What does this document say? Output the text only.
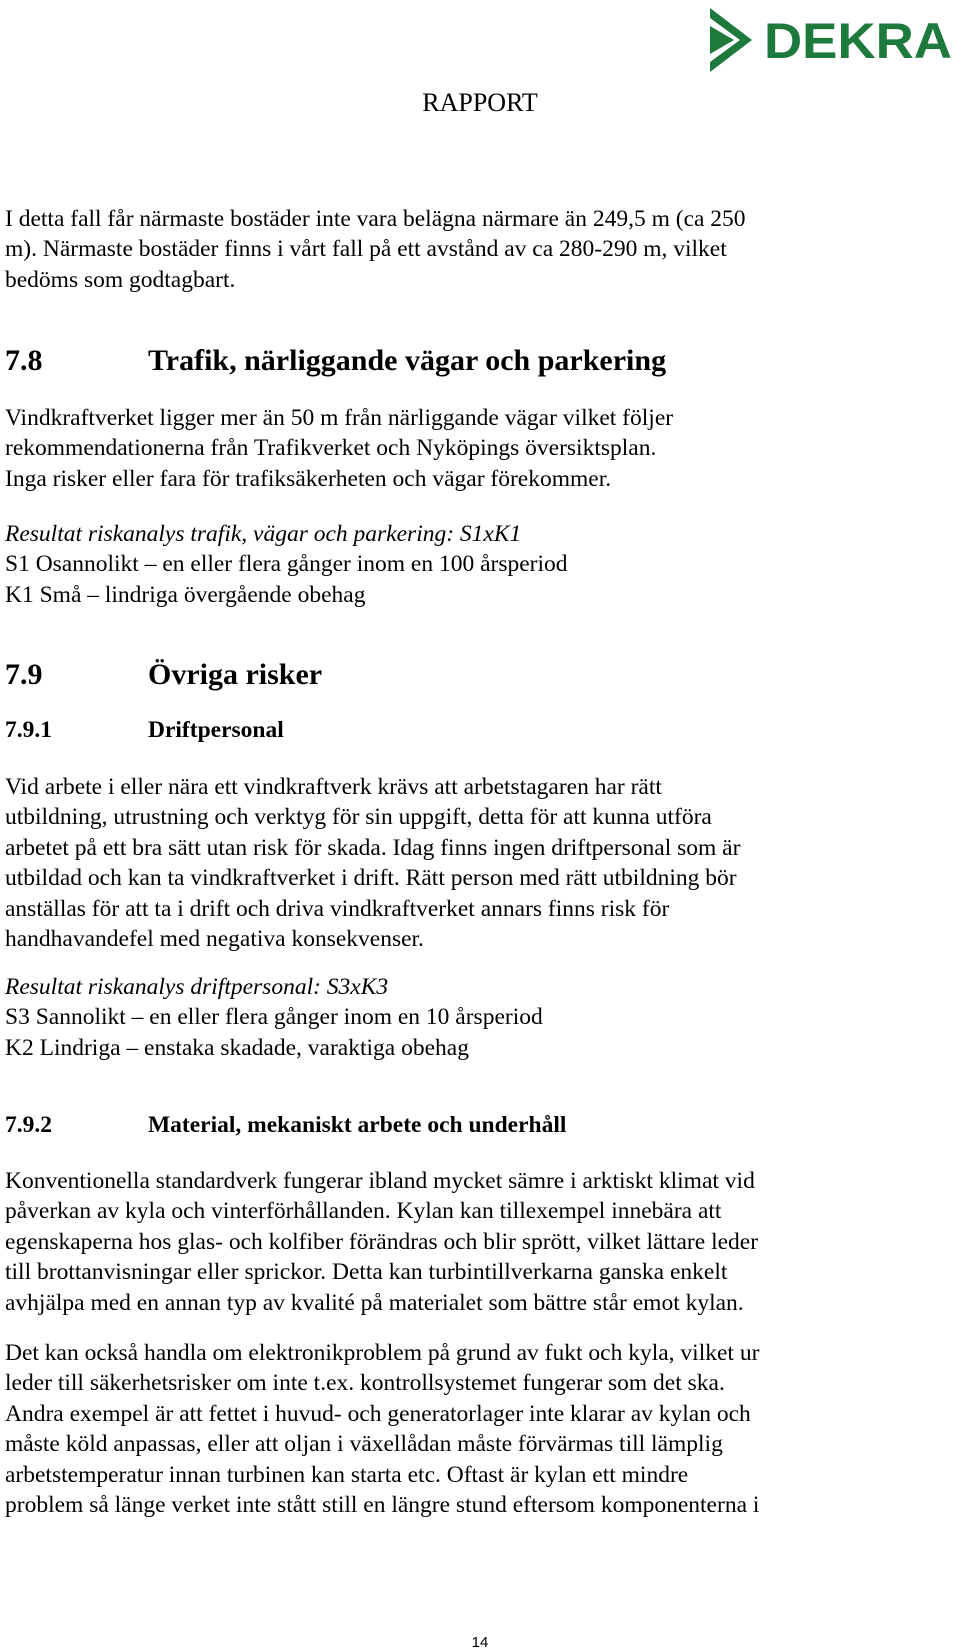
DEKRA
RAPPORT
I detta fall får närmaste bostäder inte vara belägna närmare än 249,5 m (ca 250
m). Närmaste bostäder finns i vårt fall på ett avstånd av ca 280-290 m, vilket
bedöms som godtagbart.
7.8	Trafik, närliggande vägar och parkering
Vindkraftverket ligger mer än 50 m från närliggande vägar vilket följer
rekommendationerna från Trafikverket och Nyköpings översiktsplan.
Inga risker eller fara för trafiksäkerheten och vägar förekommer.
Resultat riskanalys trafik, vägar och parkering: S1xK1
S1 Osannolikt – en eller flera gånger inom en 100 årsperiod
K1 Små – lindriga övergående obehag
7.9	Övriga risker
7.9.1	Driftpersonal
Vid arbete i eller nära ett vindkraftverk krävs att arbetstagaren har rätt
utbildning, utrustning och verktyg för sin uppgift, detta för att kunna utföra
arbetet på ett bra sätt utan risk för skada. Idag finns ingen driftpersonal som är
utbildad och kan ta vindkraftverket i drift. Rätt person med rätt utbildning bör
anställas för att ta i drift och driva vindkraftverket annars finns risk för
handhavandefel med negativa konsekvenser.
Resultat riskanalys driftpersonal: S3xK3
S3 Sannolikt – en eller flera gånger inom en 10 årsperiod
K2 Lindriga – enstaka skadade, varaktiga obehag
7.9.2	Material, mekaniskt arbete och underhåll
Konventionella standardverk fungerar ibland mycket sämre i arktiskt klimat vid
påverkan av kyla och vinterförhållanden. Kylan kan tillexempel innebära att
egenskaperna hos glas- och kolfiber förändras och blir sprött, vilket lättare leder
till brottanvisningar eller sprickor. Detta kan turbintillverkarna ganska enkelt
avhjälpa med en annan typ av kvalité på materialet som bättre står emot kylan.
Det kan också handla om elektronikproblem på grund av fukt och kyla, vilket ur
leder till säkerhetsrisker om inte t.ex. kontrollsystemet fungerar som det ska.
Andra exempel är att fettet i huvud- och generatorlager inte klarar av kylan och
måste köld anpassas, eller att oljan i växellådan måste förvärmas till lämplig
arbetstemperatur innan turbinen kan starta etc. Oftast är kylan ett mindre
problem så länge verket inte stått still en längre stund eftersom komponenterna i
14
